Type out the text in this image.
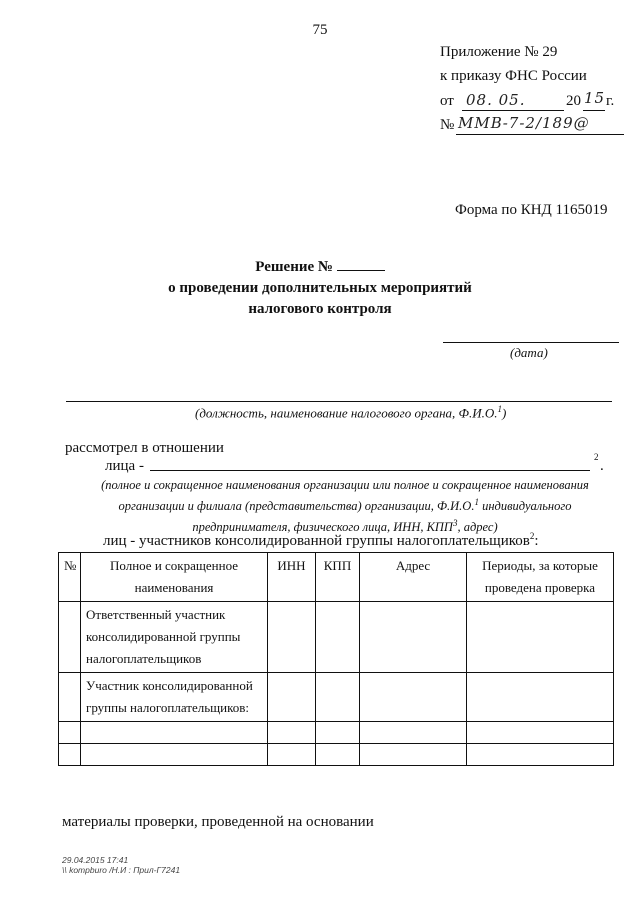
75
Приложение № 29
к приказу ФНС России
от 08. 05.	20 15 г.
№ ММВ-7-2/189@
Форма по КНД 1165019
Решение №
о проведении дополнительных мероприятий
налогового контроля
(дата)
(должность, наименование налогового органа, Ф.И.О.$^1$)
рассмотрел в отношении
лица -
2
.
(полное и сокращенное наименования организации или полное и сокращенное наименования организации и филиала (представительства) организации, Ф.И.О.$^1$ индивидуального предпринимателя, физического лица, ИНН, КПП$^3$, адрес)
лиц - участников консолидированной группы налогоплательщиков$^2$:
№	Полное и сокращенное наименования	ИНН	КПП	Адрес	Периоды, за которые проведена проверка
	Ответственный участник консолидированной группы налогоплательщиков				
	Участник консолидированной группы налогоплательщиков:				

материалы проверки, проведенной на основании
29.04.2015 17:41
\\ kompburo /Н.И : Прил-Г7241
